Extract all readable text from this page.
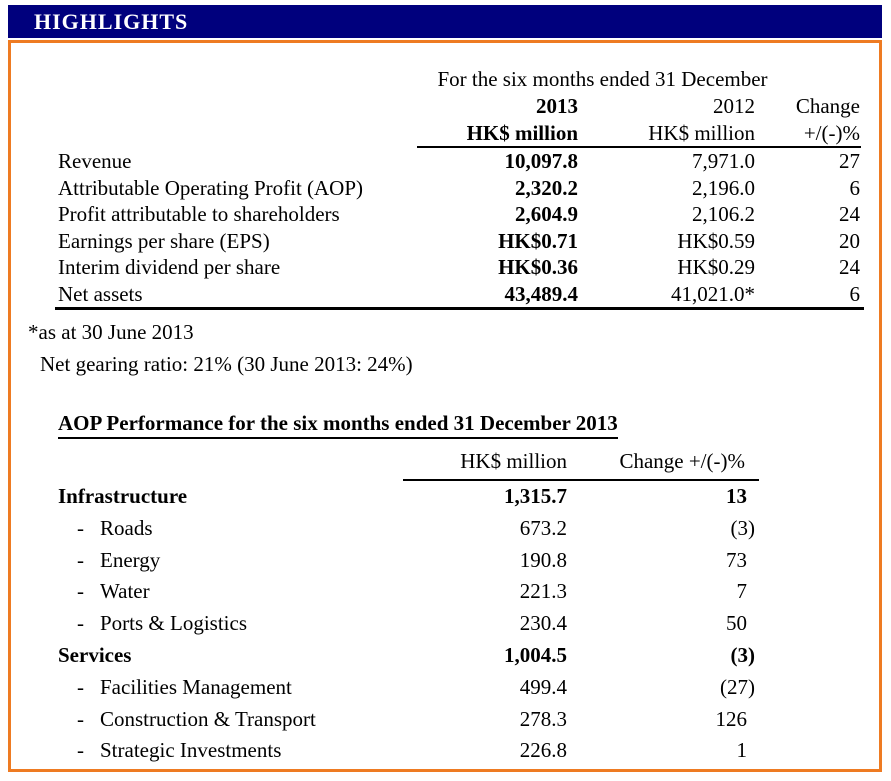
HIGHLIGHTS
For the six months ended 31 December
2013	2012	Change
HK$ million	HK$ million	+/(-)%
Revenue	10,097.8	7,971.0	27
Attributable Operating Profit (AOP)	2,320.2	2,196.0	6
Profit attributable to shareholders	2,604.9	2,106.2	24
Earnings per share (EPS)	HK$0.71	HK$0.59	20
Interim dividend per share	HK$0.36	HK$0.29	24
Net assets	43,489.4	41,021.0*	6
*as at 30 June 2013
Net gearing ratio: 21% (30 June 2013: 24%)
AOP Performance for the six months ended 31 December 2013
HK$ million	Change +/(-)%
Infrastructure	1,315.7	13
- Roads	673.2	(3)
- Energy	190.8	73
- Water	221.3	7
- Ports & Logistics	230.4	50
Services	1,004.5	(3)
- Facilities Management	499.4	(27)
- Construction & Transport	278.3	126
- Strategic Investments	226.8	1
